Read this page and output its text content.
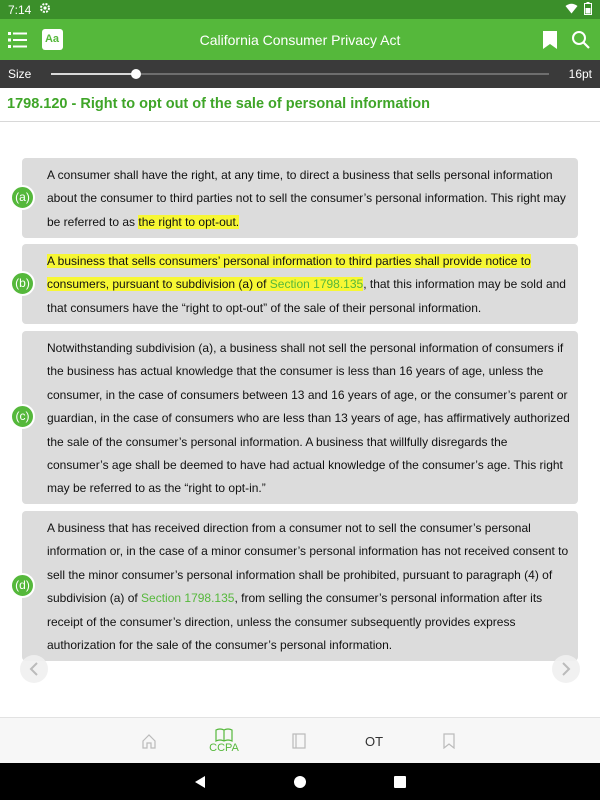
7:14
California Consumer Privacy Act
Aa
Size	16pt
1798.120 - Right to opt out of the sale of personal information
(a)
A consumer shall have the right, at any time, to direct a business that sells personal information about the consumer to third parties not to sell the consumer’s personal information. This right may be referred to as the right to opt-out.
(b)
A business that sells consumers’ personal information to third parties shall provide notice to consumers, pursuant to subdivision (a) of Section 1798.135, that this information may be sold and that consumers have the “right to opt-out” of the sale of their personal information.
(c)
Notwithstanding subdivision (a), a business shall not sell the personal information of consumers if the business has actual knowledge that the consumer is less than 16 years of age, unless the consumer, in the case of consumers between 13 and 16 years of age, or the consumer’s parent or guardian, in the case of consumers who are less than 13 years of age, has affirmatively authorized the sale of the consumer’s personal information. A business that willfully disregards the consumer’s age shall be deemed to have had actual knowledge of the consumer’s age. This right may be referred to as the “right to opt-in.”
(d)
A business that has received direction from a consumer not to sell the consumer’s personal information or, in the case of a minor consumer’s personal information has not received consent to sell the minor consumer’s personal information shall be prohibited, pursuant to paragraph (4) of subdivision (a) of Section 1798.135, from selling the consumer’s personal information after its receipt of the consumer’s direction, unless the consumer subsequently provides express authorization for the sale of the consumer’s personal information.
CCPA	OT
